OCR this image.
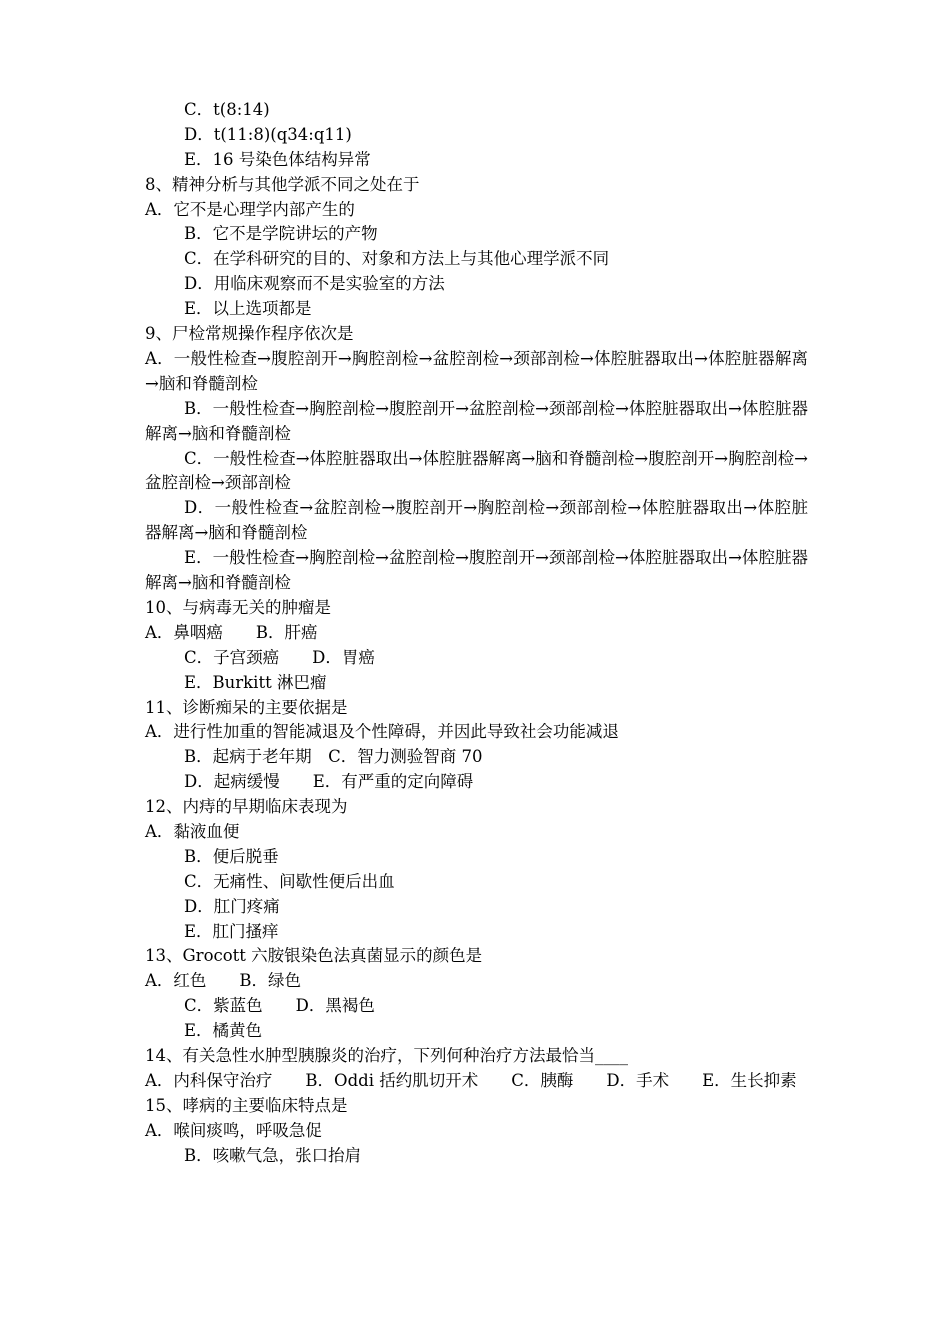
C．t(8:14)
D．t(11:8)(q34:q11)
E．16 号染色体结构异常
8、精神分析与其他学派不同之处在于
A．它不是心理学内部产生的
B．它不是学院讲坛的产物
C．在学科研究的目的、对象和方法上与其他心理学派不同
D．用临床观察而不是实验室的方法
E．以上选项都是
9、尸检常规操作程序依次是
A．一般性检查→腹腔剖开→胸腔剖检→盆腔剖检→颈部剖检→体腔脏器取出→体腔脏器解离→脑和脊髓剖检
B．一般性检查→胸腔剖检→腹腔剖开→盆腔剖检→颈部剖检→体腔脏器取出→体腔脏器解离→脑和脊髓剖检
C．一般性检查→体腔脏器取出→体腔脏器解离→脑和脊髓剖检→腹腔剖开→胸腔剖检→盆腔剖检→颈部剖检
D．一般性检查→盆腔剖检→腹腔剖开→胸腔剖检→颈部剖检→体腔脏器取出→体腔脏器解离→脑和脊髓剖检
E．一般性检查→胸腔剖检→盆腔剖检→腹腔剖开→颈部剖检→体腔脏器取出→体腔脏器解离→脑和脊髓剖检
10、与病毒无关的肿瘤是
A．鼻咽癌　　B．肝癌
C．子宫颈癌　　D．胃癌
E．Burkitt 淋巴瘤
11、诊断痴呆的主要依据是
A．进行性加重的智能减退及个性障碍，并因此导致社会功能减退
B．起病于老年期　C．智力测验智商 70
D．起病缓慢　　E．有严重的定向障碍
12、内痔的早期临床表现为
A．黏液血便
B．便后脱垂
C．无痛性、间歇性便后出血
D．肛门疼痛
E．肛门搔痒
13、Grocott 六胺银染色法真菌显示的颜色是
A．红色　　B．绿色
C．紫蓝色　　D．黑褐色
E．橘黄色
14、有关急性水肿型胰腺炎的治疗，下列何种治疗方法最恰当____
A．内科保守治疗　　B．Oddi 括约肌切开术　　C．胰酶　　D．手术　　E．生长抑素
15、哮病的主要临床特点是
A．喉间痰鸣，呼吸急促
B．咳嗽气急，张口抬肩
